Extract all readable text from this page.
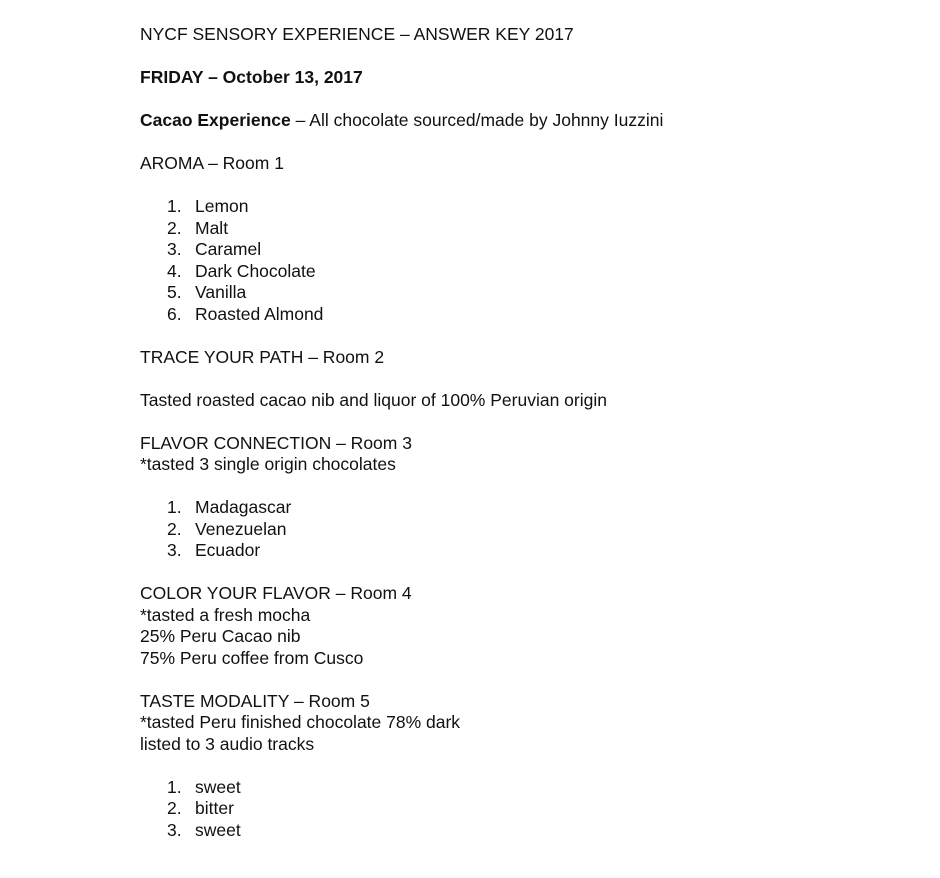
NYCF SENSORY EXPERIENCE – ANSWER KEY 2017
FRIDAY – October 13, 2017
Cacao Experience – All chocolate sourced/made by Johnny Iuzzini
AROMA – Room 1
1. Lemon
2. Malt
3. Caramel
4. Dark Chocolate
5. Vanilla
6. Roasted Almond
TRACE YOUR PATH – Room 2
Tasted roasted cacao nib and liquor of 100% Peruvian origin
FLAVOR CONNECTION – Room 3
*tasted 3 single origin chocolates
1. Madagascar
2. Venezuelan
3. Ecuador
COLOR YOUR FLAVOR – Room 4
*tasted a fresh mocha
25% Peru Cacao nib
75% Peru coffee from Cusco
TASTE MODALITY – Room 5
*tasted Peru finished chocolate 78% dark
listed to 3 audio tracks
1. sweet
2. bitter
3. sweet
